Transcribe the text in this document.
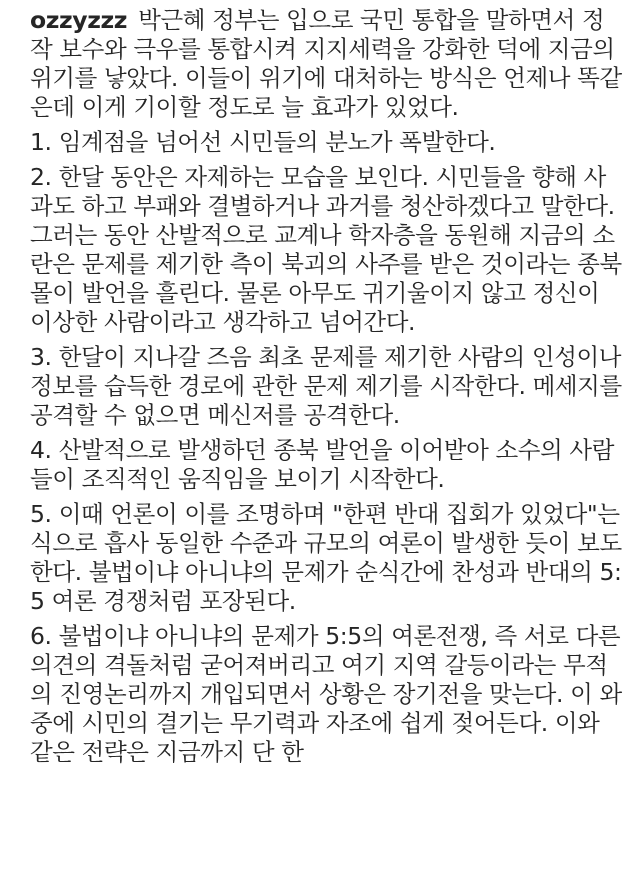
ozzyzzz 박근혜 정부는 입으로 국민 통합을 말하면서 정작 보수와 극우를 통합시켜 지지세력을 강화한 덕에 지금의 위기를 낳았다. 이들이 위기에 대처하는 방식은 언제나 똑같은데 이게 기이할 정도로 늘 효과가 있었다.

1. 임계점을 넘어선 시민들의 분노가 폭발한다.

2. 한달 동안은 자제하는 모습을 보인다. 시민들을 향해 사과도 하고 부패와 결별하거나 과거를 청산하겠다고 말한다. 그러는 동안 산발적으로 교계나 학자층을 동원해 지금의 소란은 문제를 제기한 측이 북괴의 사주를 받은 것이라는 종북 몰이 발언을 흘린다. 물론 아무도 귀기울이지 않고 정신이 이상한 사람이라고 생각하고 넘어간다.

3. 한달이 지나갈 즈음 최초 문제를 제기한 사람의 인성이나 정보를 습득한 경로에 관한 문제 제기를 시작한다. 메세지를 공격할 수 없으면 메신저를 공격한다.

4. 산발적으로 발생하던 종북 발언을 이어받아 소수의 사람들이 조직적인 움직임을 보이기 시작한다.

5. 이때 언론이 이를 조명하며 "한편 반대 집회가 있었다"는 식으로 흡사 동일한 수준과 규모의 여론이 발생한 듯이 보도한다. 불법이냐 아니냐의 문제가 순식간에 찬성과 반대의 5:5 여론 경쟁처럼 포장된다.

6. 불법이냐 아니냐의 문제가 5:5의 여론전쟁, 즉 서로 다른 의견의 격돌처럼 굳어져버리고 여기 지역 갈등이라는 무적의 진영논리까지 개입되면서 상황은 장기전을 맞는다. 이 와중에 시민의 결기는 무기력과 자조에 쉽게 젖어든다. 이와 같은 전략은 지금까지 단 한
